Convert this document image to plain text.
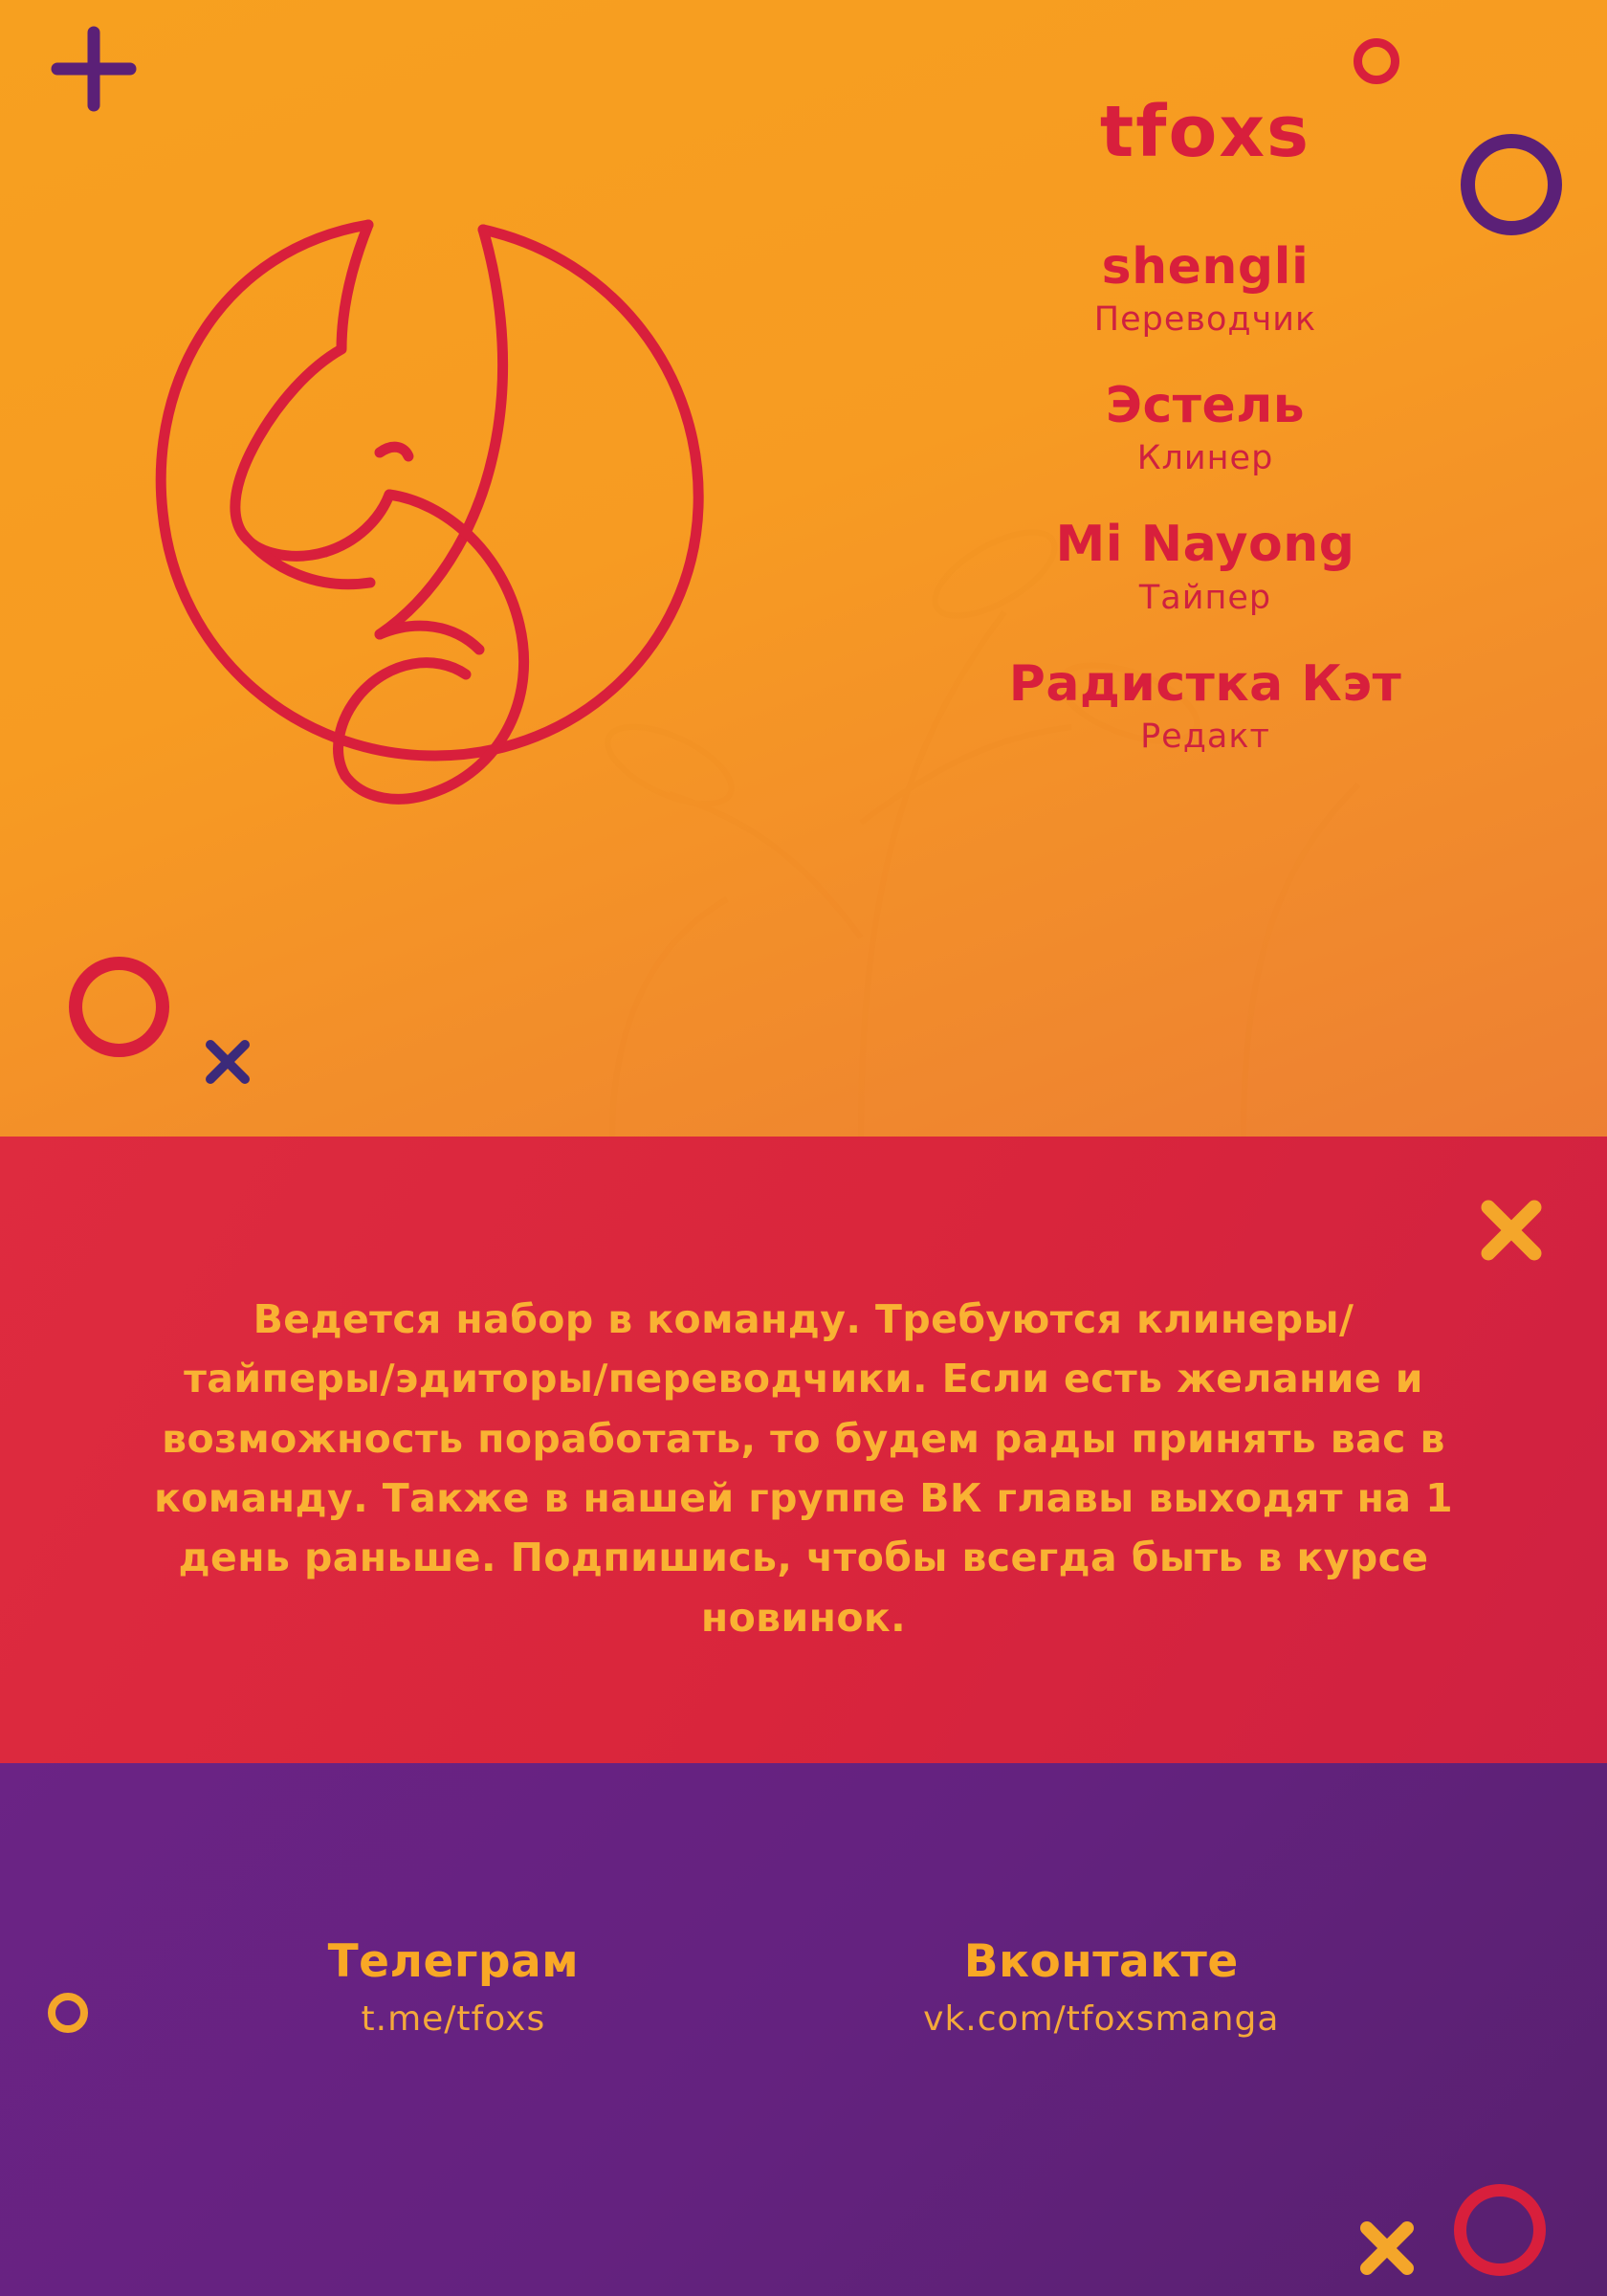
tfoxs
shengli
Переводчик
Эстель
Клинер
Mi Nayong
Тайпер
Радистка Кэт
Редакт
Ведется набор в команду. Требуются клинеры/тайперы/эдиторы/переводчики. Если есть желание и возможность поработать, то будем рады принять вас в команду. Также в нашей группе ВК главы выходят на 1 день раньше. Подпишись, чтобы всегда быть в курсе новинок.
Телеграм
t.me/tfoxs
Вконтакте
vk.com/tfoxsmanga
